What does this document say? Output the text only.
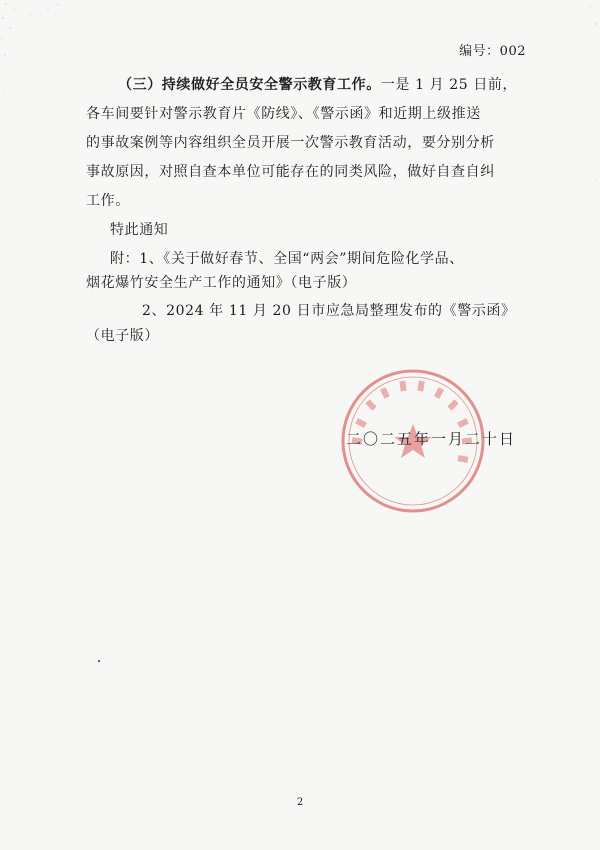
编号：002
（三）持续做好全员安全警示教育工作。一是 1 月 25 日前，
各车间要针对警示教育片《防线》、《警示函》和近期上级推送
的事故案例等内容组织全员开展一次警示教育活动，要分别分析
事故原因，对照自查本单位可能存在的同类风险，做好自查自纠
工作。
特此通知
附：1、《关于做好春节、全国“两会”期间危险化学品、
烟花爆竹安全生产工作的通知》（电子版）
2、2024 年 11 月 20 日市应急局整理发布的《警示函》
（电子版）
二〇二五年一月二十日
2
